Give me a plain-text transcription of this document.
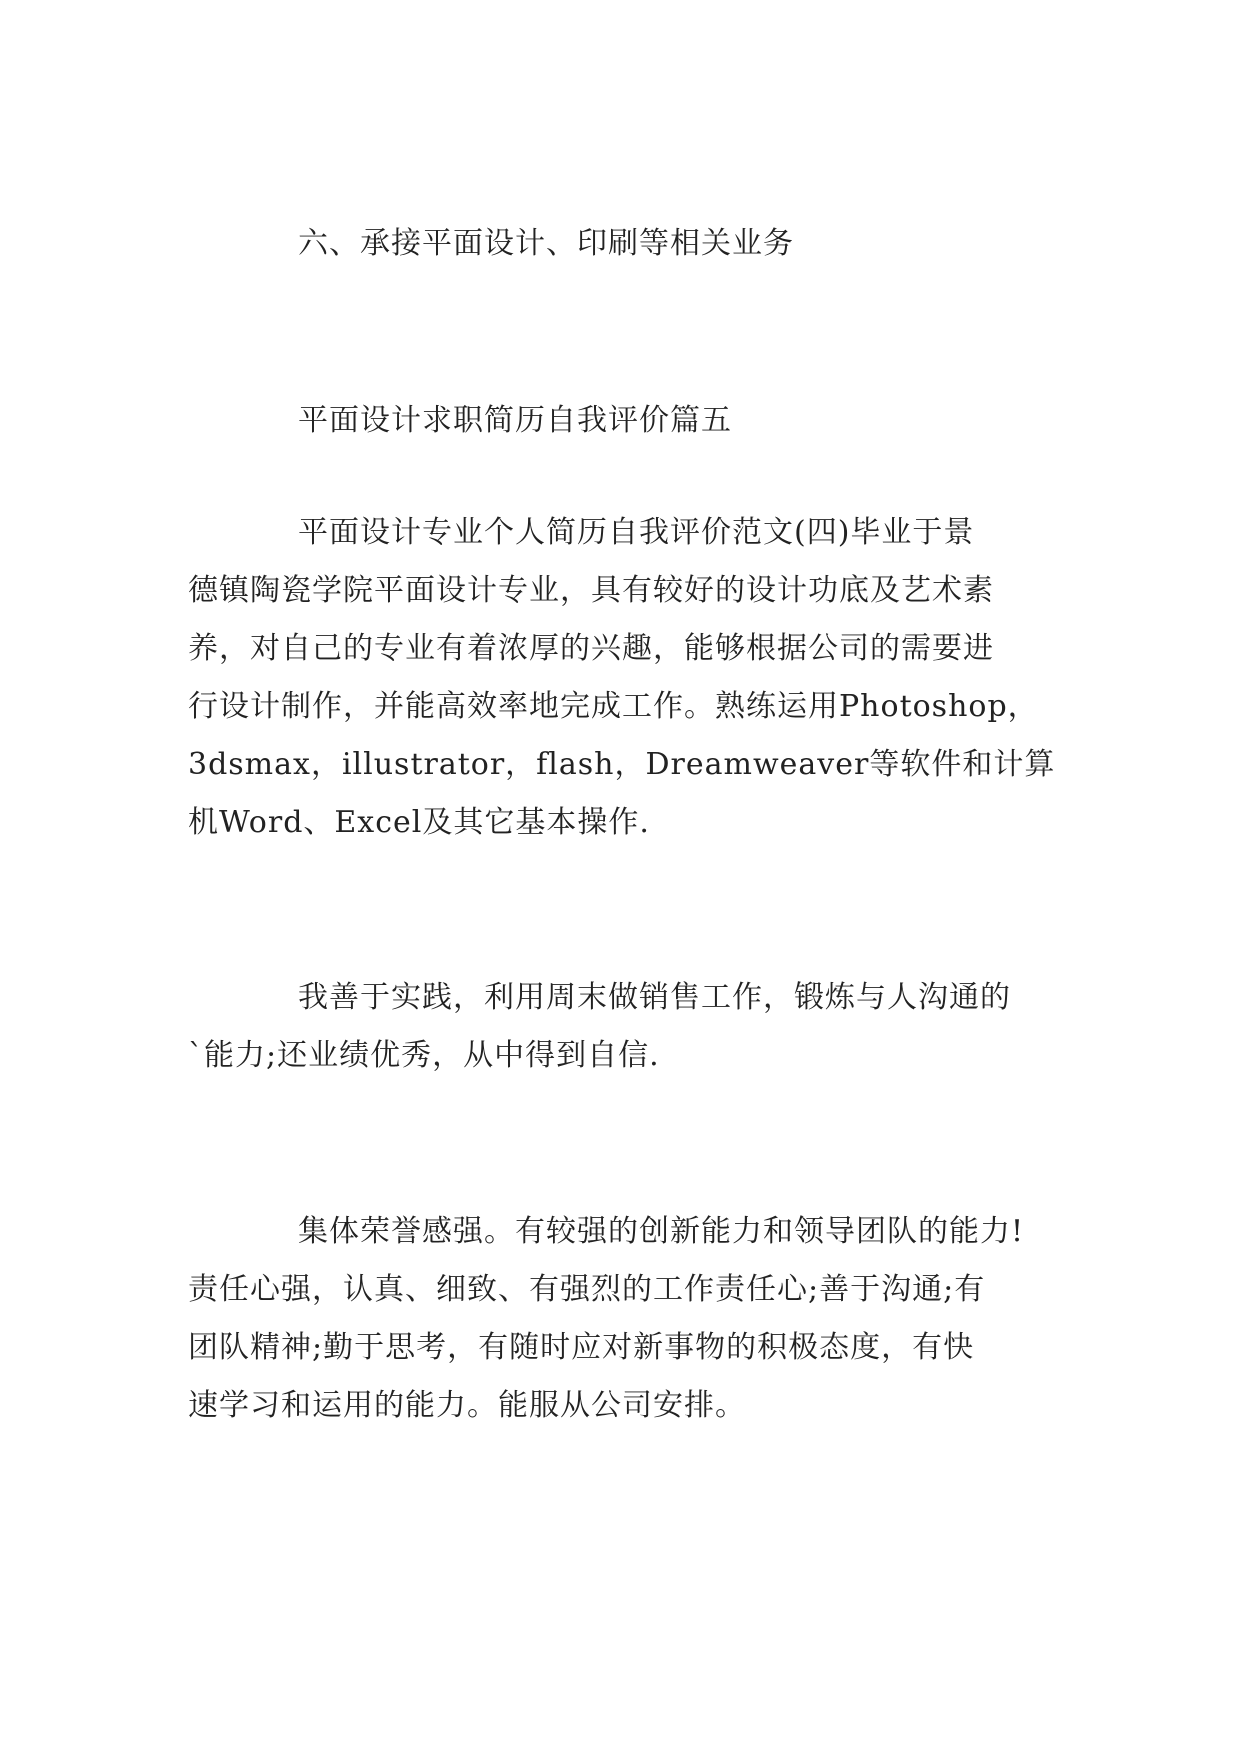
六、承接平面设计、印刷等相关业务

平面设计求职简历自我评价篇五

平面设计专业个人简历自我评价范文(四)毕业于景

德镇陶瓷学院平面设计专业，具有较好的设计功底及艺术素

养，对自己的专业有着浓厚的兴趣，能够根据公司的需要进

行设计制作，并能高效率地完成工作。熟练运用Photoshop，

3dsmax，illustrator，flash，Dreamweaver等软件和计算

机Word、Excel及其它基本操作.

我善于实践，利用周末做销售工作，锻炼与人沟通的

`能力;还业绩优秀，从中得到自信.

集体荣誉感强。有较强的创新能力和领导团队的能力!

责任心强，认真、细致、有强烈的工作责任心;善于沟通;有

团队精神;勤于思考，有随时应对新事物的积极态度，有快

速学习和运用的能力。能服从公司安排。
